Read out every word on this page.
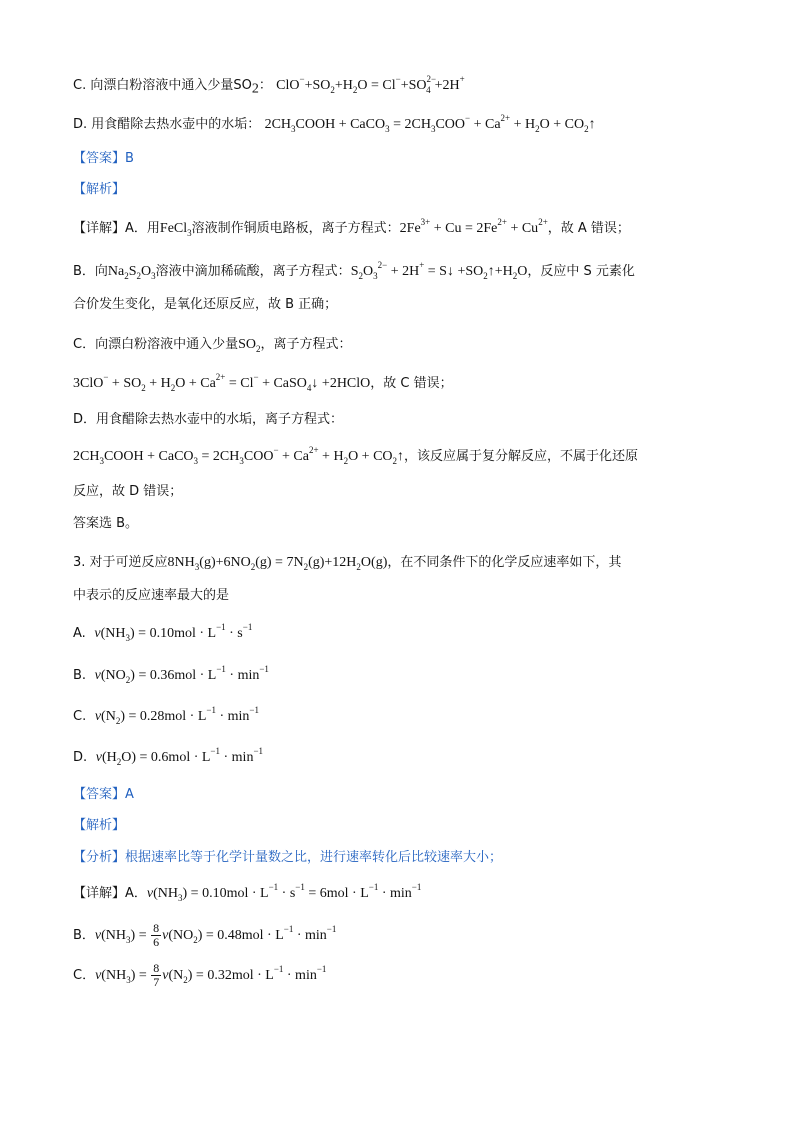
C. 向漂白粉溶液中通入少量$SO_2$： $ClO^-+SO_2+H_2O = Cl^-+SO^{2-}_4 +2H^+$
D. 用食醋除去热水壶中的水垢： $2CH_3COOH$ + CaCO$_3$ = $2CH_3COO^- + Ca^{2+} + H_2O$ + $CO_2↑$
【答案】B
【解析】
【详解】A．用FeCl$_3$溶液制作铜质电路板，离子方程式：$2Fe^{3+} + Cu = 2Fe^{2+} + Cu^{2+}$，故 A 错误；
B．向$Na_2S_2O_3$溶液中滴加稀硫酸，离子方程式：$S_2O_3^{2-} + 2H^+$ = S↓ $+SO_2↑+H_2O$，反应中 S 元素化
合价发生变化，是氧化还原反应，故 B 正确；
C．向漂白粉溶液中通入少量$SO_2$，离子方程式：
$3ClO^- + SO_2 + H_2O + Ca^{2+} = Cl^-$ + CaSO$_4$↓ +2HClO，故 C 错误；
D．用食醋除去热水壶中的水垢，离子方程式：
$2CH_3COOH$ + CaCO$_3$ = $2CH_3COO^- + Ca^{2+} + H_2O$ + $CO_2↑$，该反应属于复分解反应，不属于化还原
反应，故 D 错误；
答案选 B。
3. 对于可逆反应$8NH_3(g)+6NO_2(g) = 7N_2(g)+12H_2O(g)$，在不同条件下的化学反应速率如下，其
中表示的反应速率最大的是
A. $v(NH_3) = 0.10mol \cdot L^{-1} \cdot s^{-1}$
B. $v(NO_2) = 0.36mol \cdot L^{-1} \cdot \min^{-1}$
C. $v(N_2) = 0.28mol \cdot L^{-1} \cdot \min^{-1}$
D. $v(H_2O) = 0.6mol \cdot L^{-1} \cdot \min^{-1}$
【答案】A
【解析】
【分析】根据速率比等于化学计量数之比，进行速率转化后比较速率大小；
【详解】A．$v(NH_3) = 0.10mol \cdot L^{-1} \cdot s^{-1} = 6mol \cdot L^{-1} \cdot \min^{-1}$
B．$v(NH_3) = \frac{8}{6} v(NO_2) = 0.48mol \cdot L^{-1} \cdot \min^{-1}$
C．$v(NH_3) = \frac{8}{7} v(N_2) = 0.32mol \cdot L^{-1} \cdot \min^{-1}$
